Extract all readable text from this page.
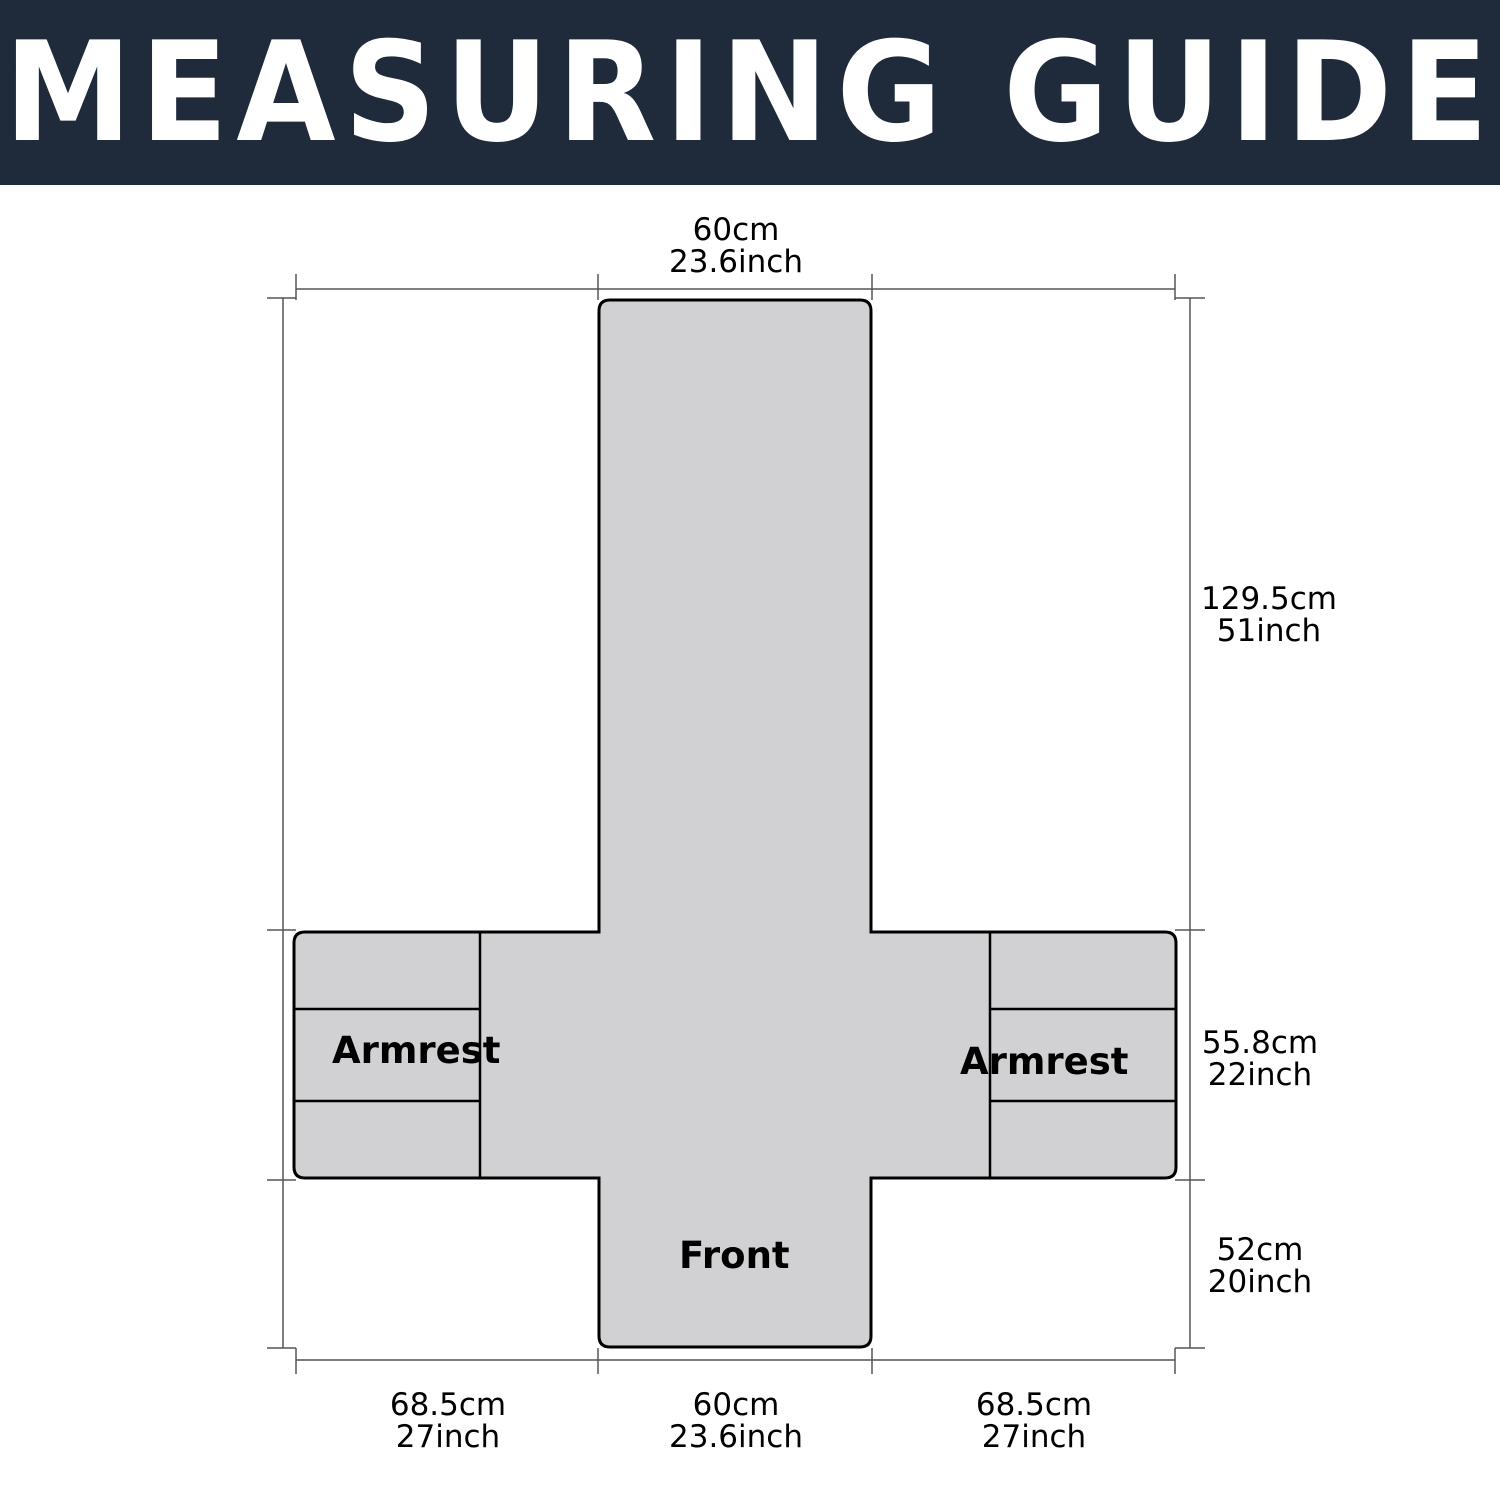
MEASURING GUIDE
Armrest	Armrest
Front
60cm
23.6inch
129.5cm
51inch
55.8cm
22inch
52cm
20inch
68.5cm
27inch
60cm
23.6inch
68.5cm
27inch
